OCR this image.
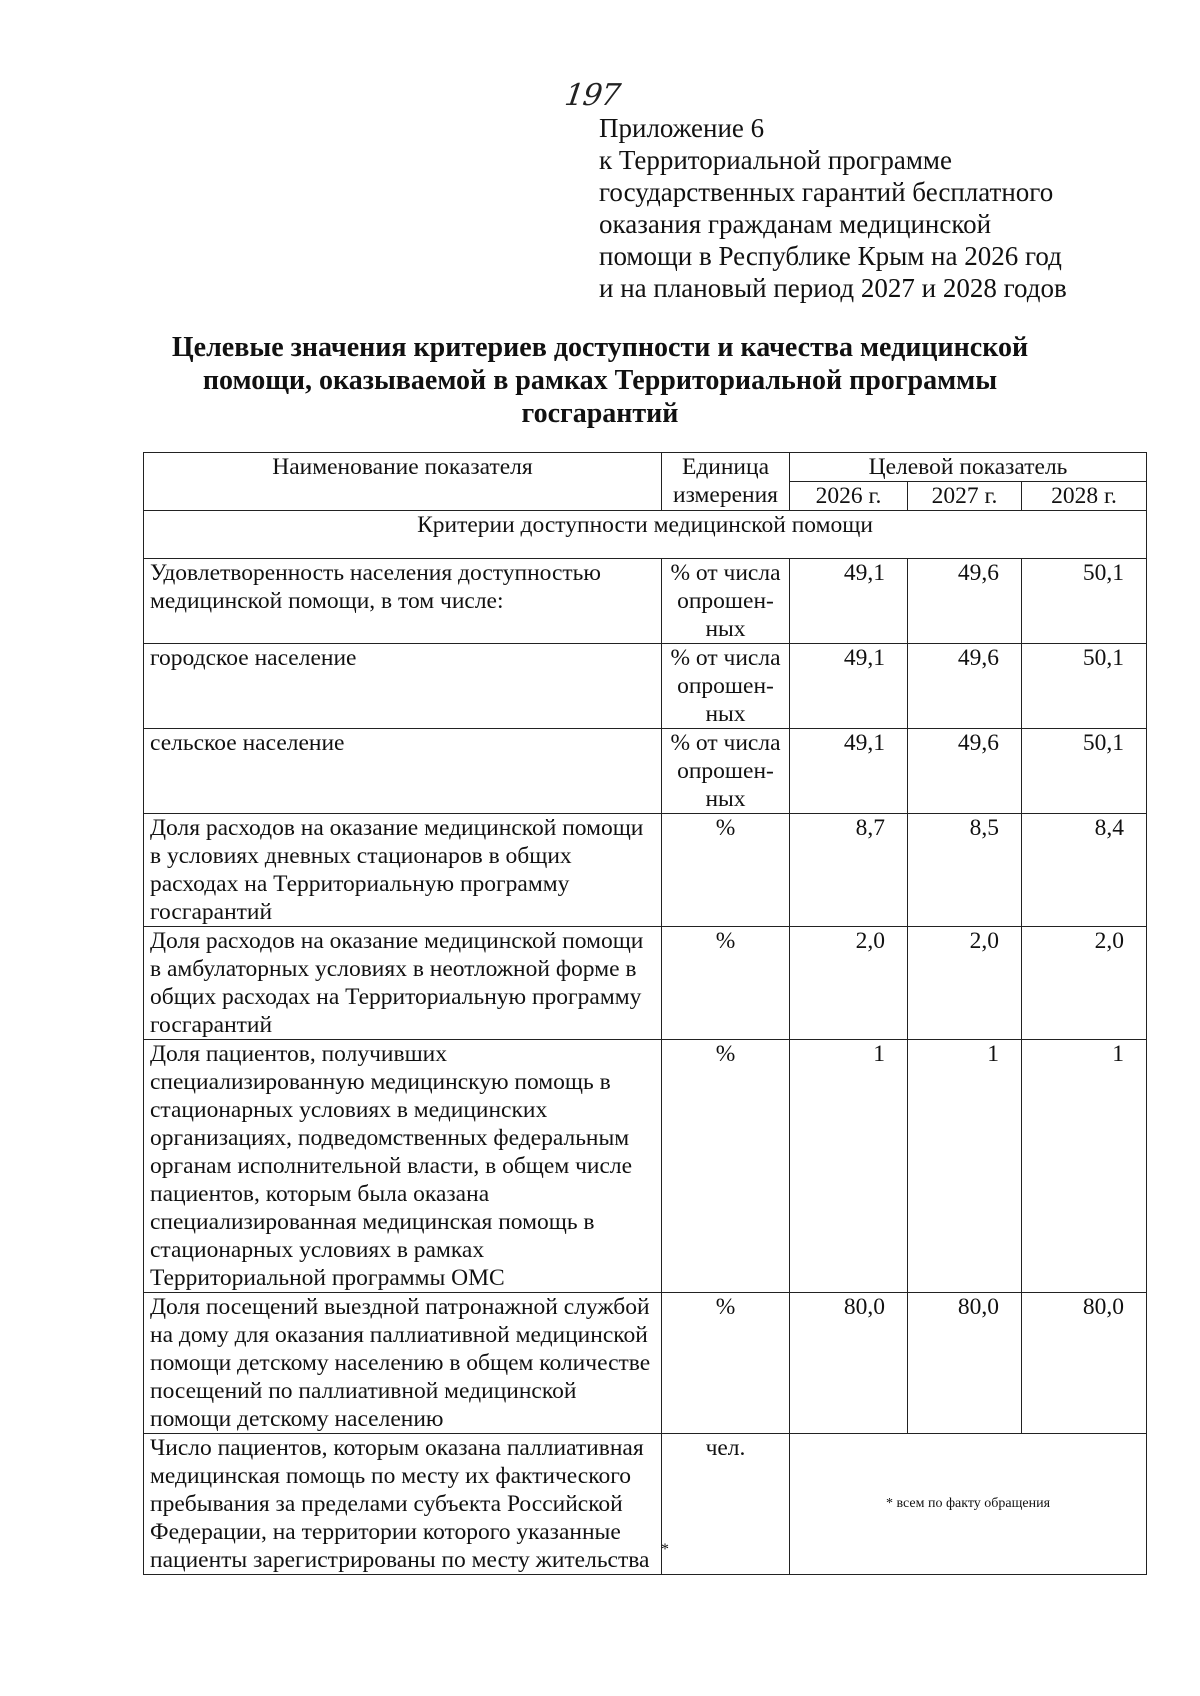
197
Приложение 6
к Территориальной программе
государственных гарантий бесплатного
оказания гражданам медицинской
помощи в Республике Крым на 2026 год
и на плановый период 2027 и 2028 годов
Целевые значения критериев доступности и качества медицинской
помощи, оказываемой в рамках Территориальной программы
госгарантий
Наименование показателя	Единица измерения	Целевой показатель		
		2026 г.	2027 г.	2028 г.
Критерии доступности медицинской помощи				
Удовлетворенность населения доступностью медицинской помощи, в том числе:	% от числа опрошен-ных	49,1	49,6	50,1
городское население	% от числа опрошен-ных	49,1	49,6	50,1
сельское население	% от числа опрошен-ных	49,1	49,6	50,1
Доля расходов на оказание медицинской помощи в условиях дневных стационаров в общих расходах на Территориальную программу госгарантий	%	8,7	8,5	8,4
Доля расходов на оказание медицинской помощи в амбулаторных условиях в неотложной форме в общих расходах на Территориальную программу госгарантий	%	2,0	2,0	2,0
Доля пациентов, получивших специализированную медицинскую помощь в стационарных условиях в медицинских организациях, подведомственных федеральным органам исполнительной власти, в общем числе пациентов, которым была оказана специализированная медицинская помощь в стационарных условиях в рамках Территориальной программы ОМС	%	1	1	1
Доля посещений выездной патронажной службой на дому для оказания паллиативной медицинской помощи детскому населению в общем количестве посещений по паллиативной медицинской помощи детскому населению	%	80,0	80,0	80,0
Число пациентов, которым оказана паллиативная медицинская помощь по месту их фактического пребывания за пределами субъекта Российской Федерации, на территории которого указанные пациенты зарегистрированы по месту жительства *	чел.	* всем по факту обращения		
